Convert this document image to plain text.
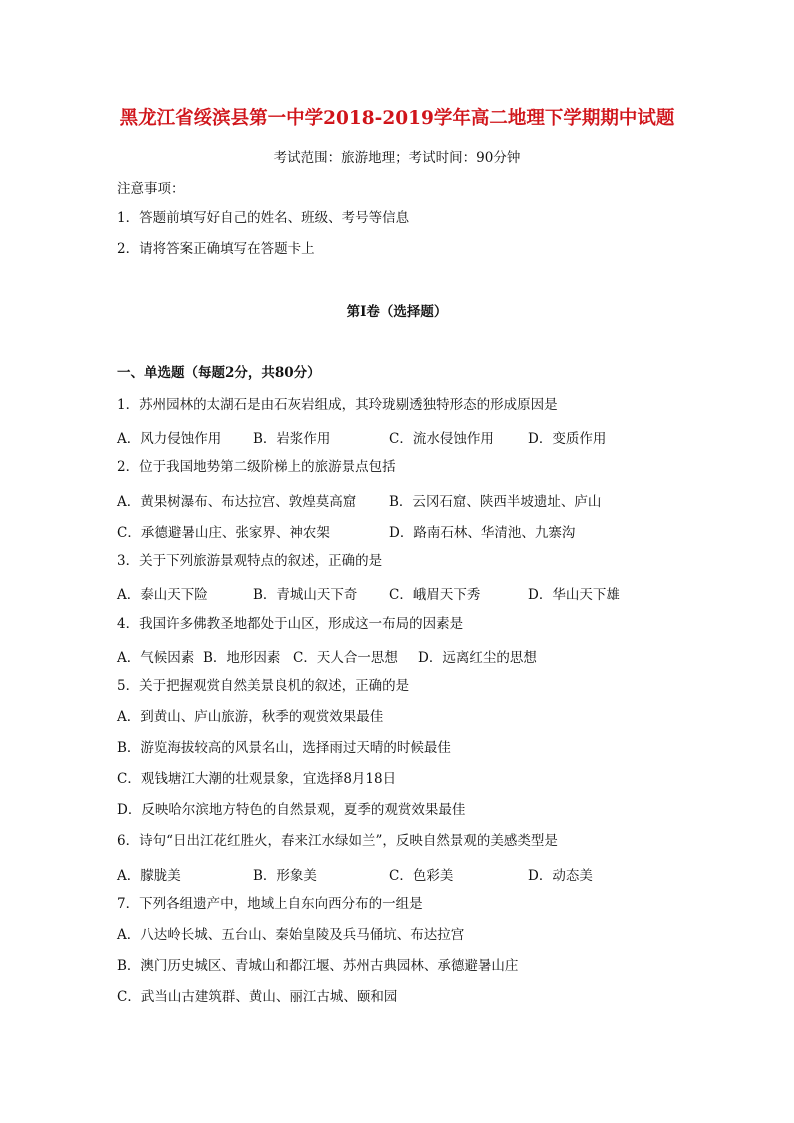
黑龙江省绥滨县第一中学2018-2019学年高二地理下学期期中试题
考试范围：旅游地理；考试时间：90分钟
注意事项：
1．答题前填写好自己的姓名、班级、考号等信息
2．请将答案正确填写在答题卡上
第I卷（选择题）
一、单选题（每题2分，共80分）
1．苏州园林的太湖石是由石灰岩组成，其玲珑剔透独特形态的形成原因是
A．风力侵蚀作用 B．岩浆作用	C．流水侵蚀作用	D．变质作用
2．位于我国地势第二级阶梯上的旅游景点包括
A．黄果树瀑布、布达拉宫、敦煌莫高窟 B．云冈石窟、陕西半坡遗址、庐山
C．承德避暑山庄、张家界、神农架	D．路南石林、华清池、九寨沟
3．关于下列旅游景观特点的叙述，正确的是
A．泰山天下险	B．青城山天下奇 C．峨眉天下秀	D．华山天下雄
4．我国许多佛教圣地都处于山区，形成这一布局的因素是
A．气候因素 B．地形因素 C．天人合一思想 D．远离红尘的思想
5．关于把握观赏自然美景良机的叙述，正确的是
A．到黄山、庐山旅游，秋季的观赏效果最佳
B．游览海拔较高的风景名山，选择雨过天晴的时候最佳
C．观钱塘江大潮的壮观景象，宜选择8月18日
D．反映哈尔滨地方特色的自然景观，夏季的观赏效果最佳
6．诗句“日出江花红胜火，春来江水绿如兰”，反映自然景观的美感类型是
A．朦胧美	B．形象美	C．色彩美	D．动态美
7．下列各组遗产中，地域上自东向西分布的一组是
A．八达岭长城、五台山、秦始皇陵及兵马俑坑、布达拉宫
B．澳门历史城区、青城山和都江堰、苏州古典园林、承德避暑山庄
C．武当山古建筑群、黄山、丽江古城、颐和园
